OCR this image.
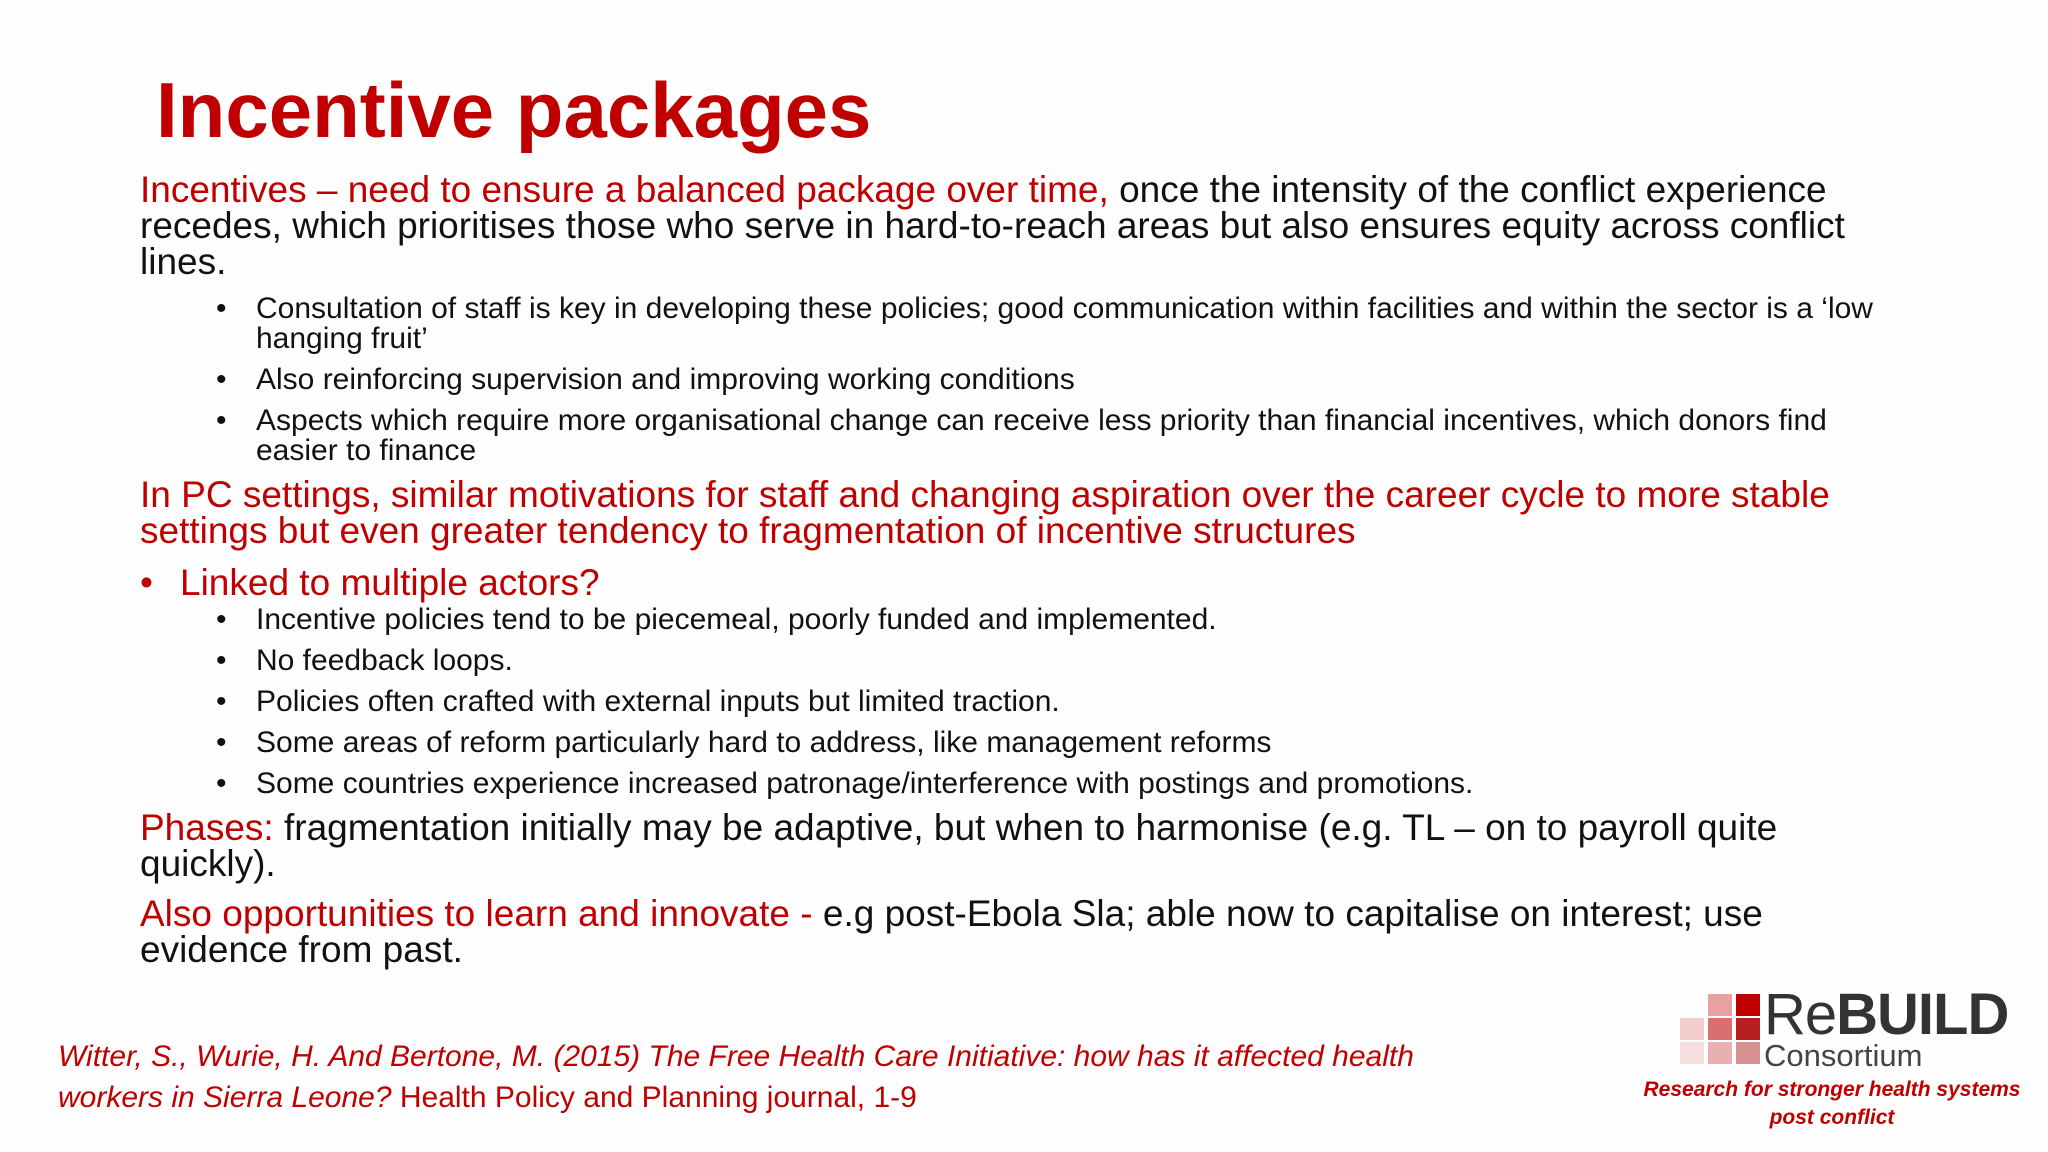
Incentive packages

Incentives – need to ensure a balanced package over time, once the intensity of the conflict experience recedes, which prioritises those who serve in hard-to-reach areas but also ensures equity across conflict lines.

• Consultation of staff is key in developing these policies; good communication within facilities and within the sector is a ‘low hanging fruit’
• Also reinforcing supervision and improving working conditions
• Aspects which require more organisational change can receive less priority than financial incentives, which donors find easier to finance

In PC settings, similar motivations for staff and changing aspiration over the career cycle to more stable settings but even greater tendency to fragmentation of incentive structures

• Linked to multiple actors?
• Incentive policies tend to be piecemeal, poorly funded and implemented.
• No feedback loops.
• Policies often crafted with external inputs but limited traction.
• Some areas of reform particularly hard to address, like management reforms
• Some countries experience increased patronage/interference with postings and promotions.

Phases: fragmentation initially may be adaptive, but when to harmonise (e.g. TL – on to payroll quite quickly).

Also opportunities to learn and innovate - e.g post-Ebola Sla; able now to capitalise on interest; use evidence from past.

Witter, S., Wurie, H. And Bertone, M. (2015) The Free Health Care Initiative: how has it affected health workers in Sierra Leone? Health Policy and Planning journal, 1-9
ReBUILD
Consortium
Research for stronger health systems post conflict
